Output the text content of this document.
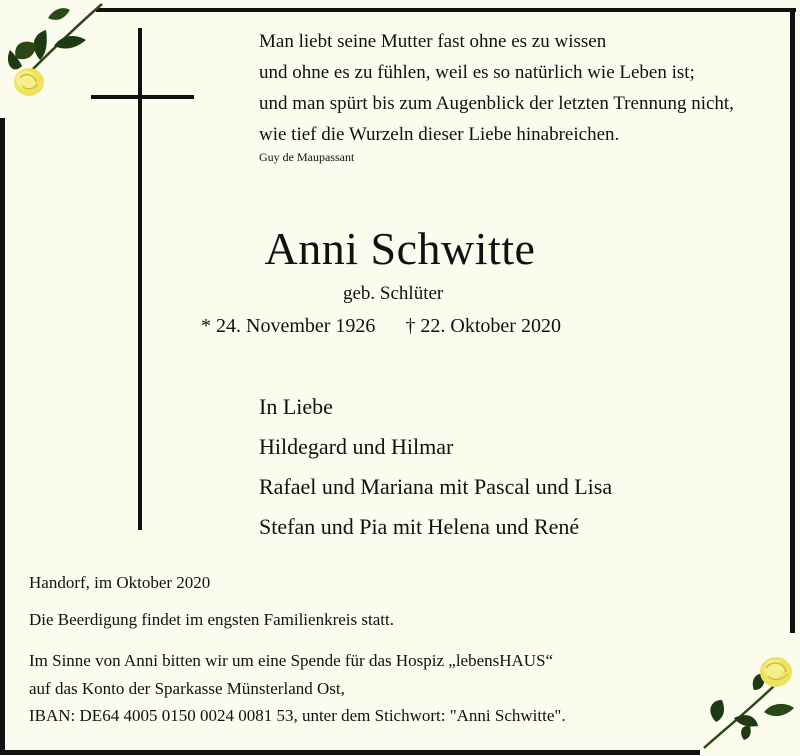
Man liebt seine Mutter fast ohne es zu wissen
und ohne es zu fühlen, weil es so natürlich wie Leben ist;
und man spürt bis zum Augenblick der letzten Trennung nicht,
wie tief die Wurzeln dieser Liebe hinabreichen.
Guy de Maupassant
Anni Schwitte
geb. Schlüter
* 24. November 1926 † 22. Oktober 2020
In Liebe
Hildegard und Hilmar
Rafael und Mariana mit Pascal und Lisa
Stefan und Pia mit Helena und René
Handorf, im Oktober 2020
Die Beerdigung findet im engsten Familienkreis statt.
Im Sinne von Anni bitten wir um eine Spende für das Hospiz „lebensHAUS“
auf das Konto der Sparkasse Münsterland Ost,
IBAN: DE64 4005 0150 0024 0081 53, unter dem Stichwort: "Anni Schwitte".
